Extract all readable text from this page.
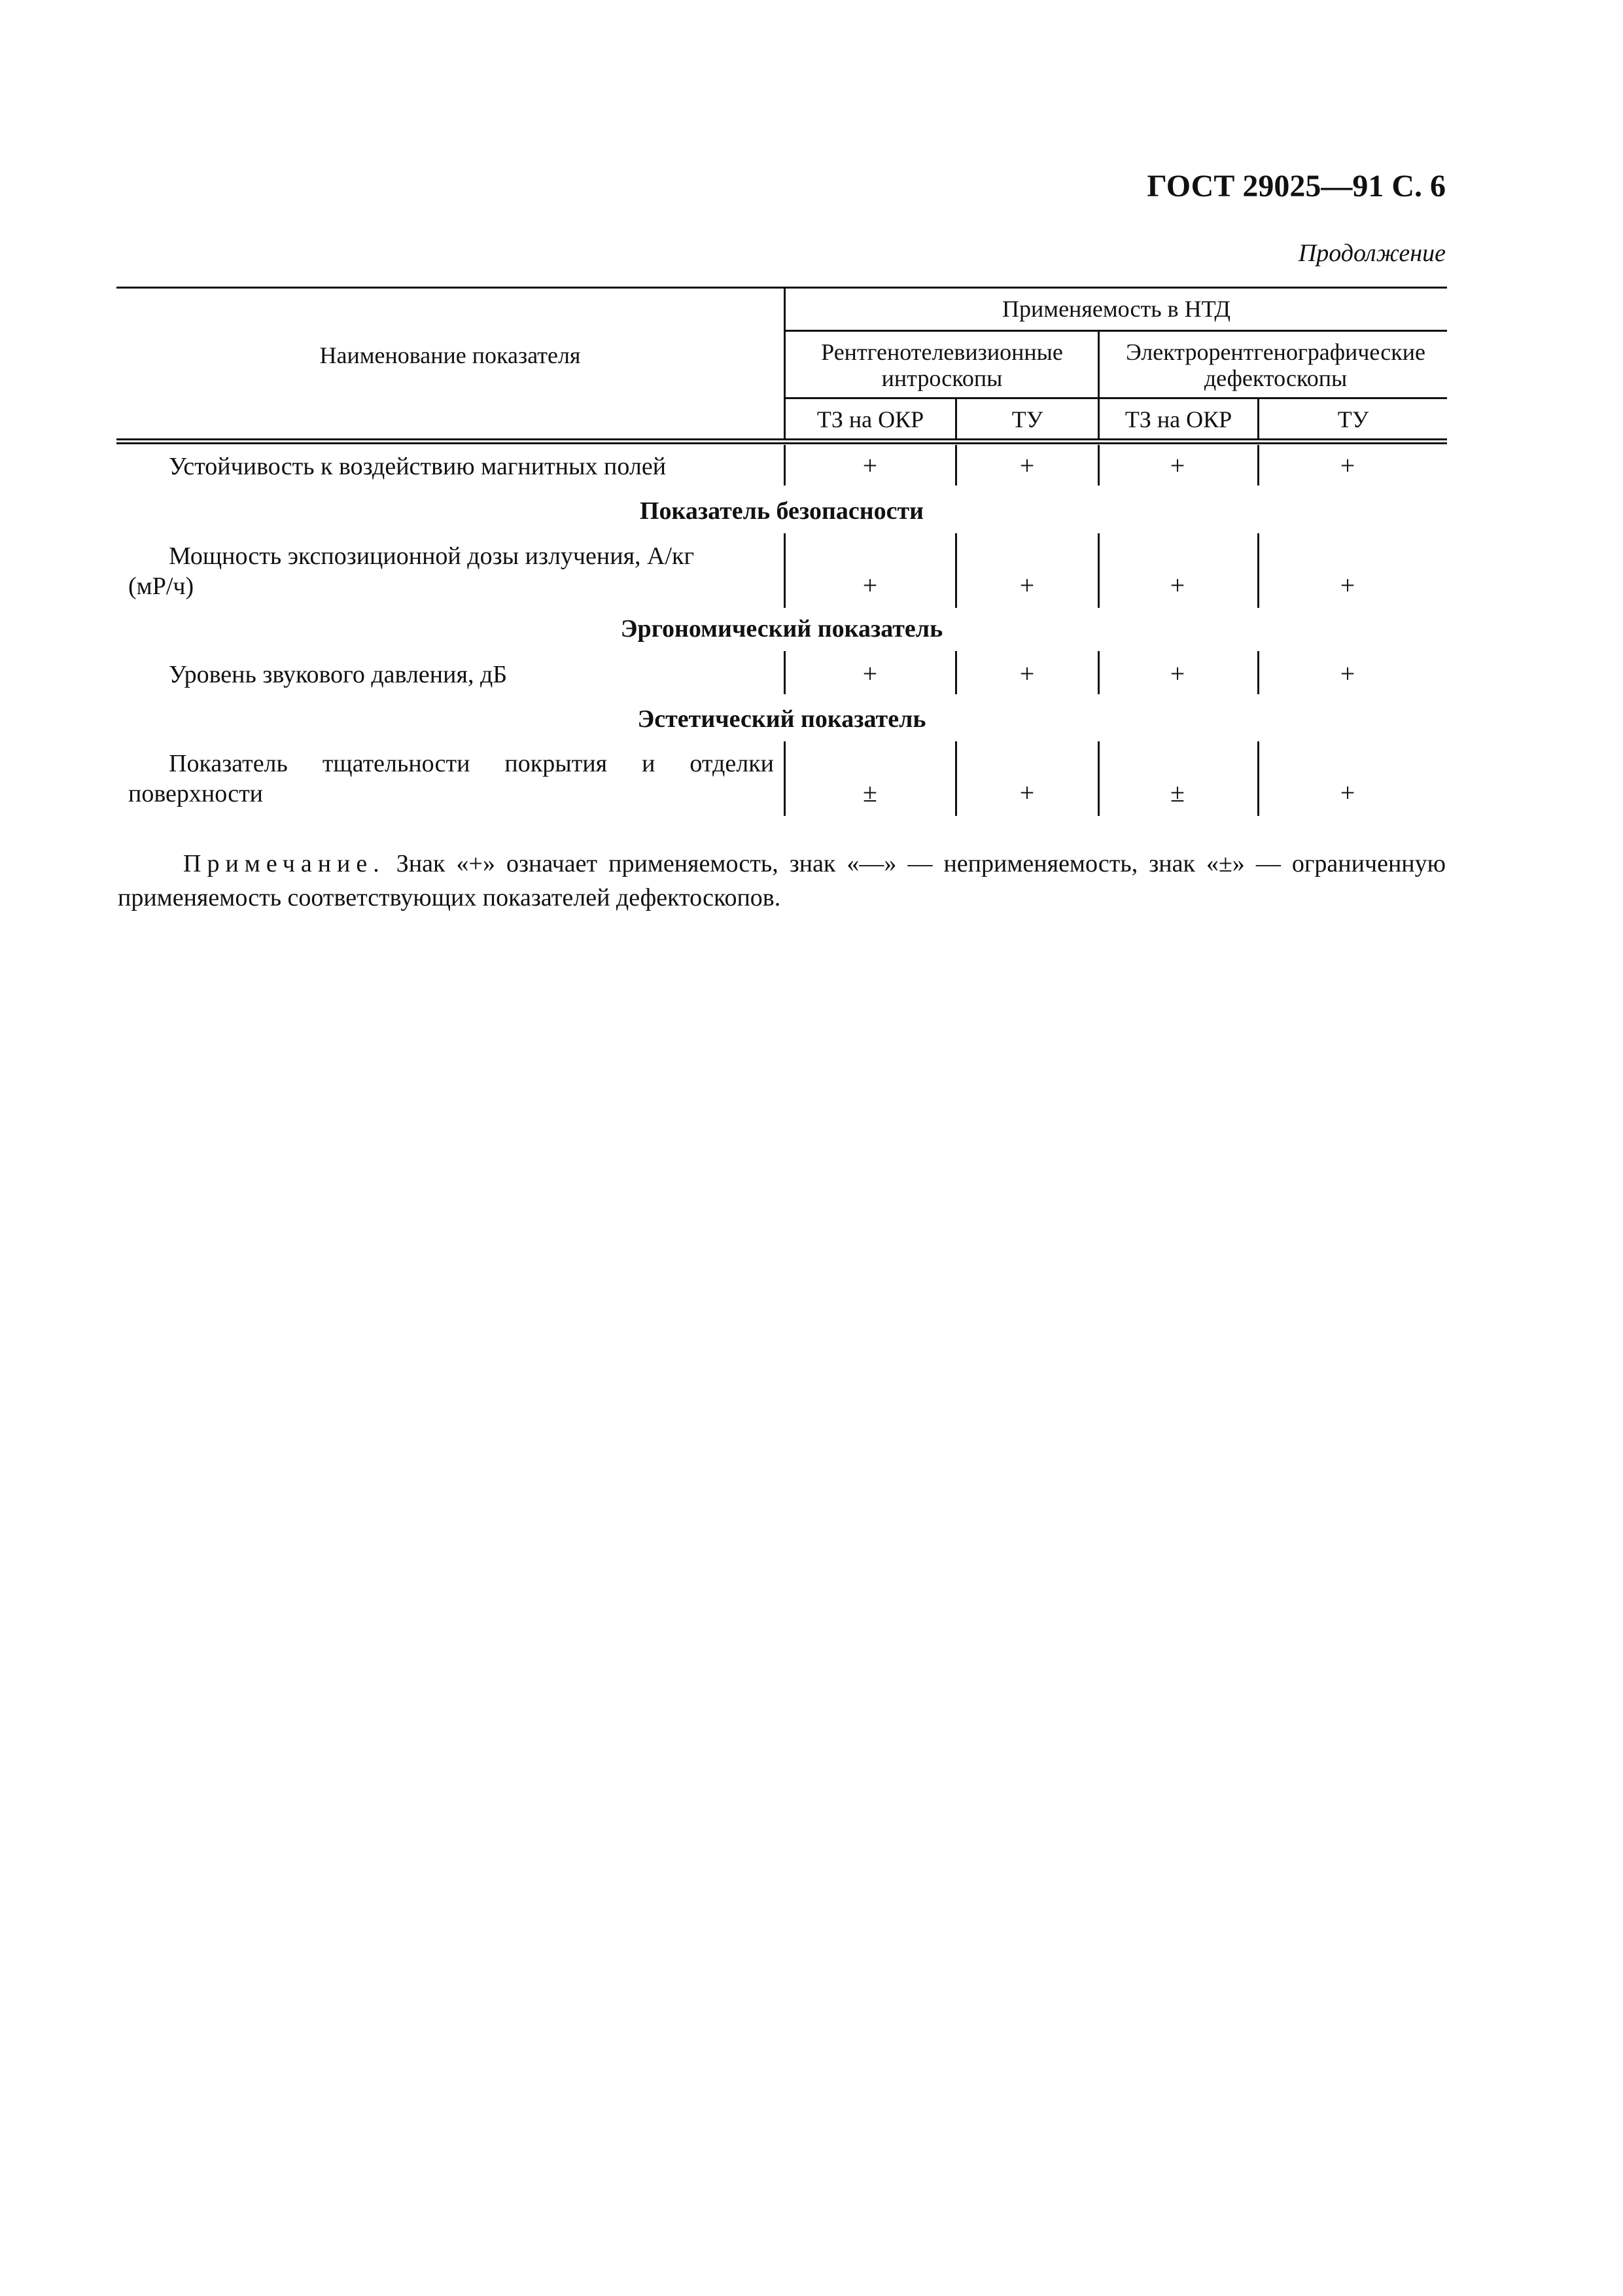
ГОСТ 29025—91 С. 6
Продолжение
Наименование показателя
Применяемость в НТД
Рентгенотелевизионные интроскопы
Электрорентгенографические дефектоскопы
ТЗ на ОКР	ТУ	ТЗ на ОКР	ТУ
Устойчивость к воздействию магнитных полей	+	+	+	+
Показатель безопасности
Мощность экспозиционной дозы излучения, А/кг
(мР/ч)	+	+	+	+
Эргономический показатель
Уровень звукового давления, дБ	+	+	+	+
Эстетический показатель
Показатель тщательности покрытия и отделки
поверхности	±	+	±	+
Примечание. Знак «+» означает применяемость, знак «—» — неприменяемость, знак «±» — ограниченную применяемость соответствующих показателей дефектоскопов.
